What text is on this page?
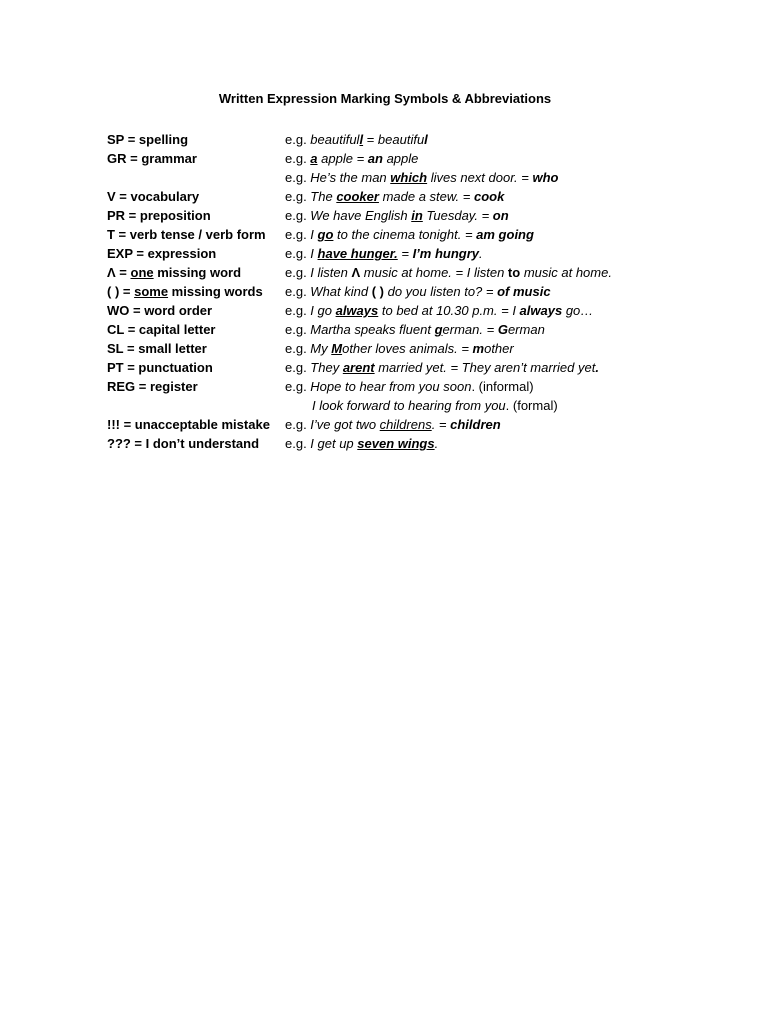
Written Expression Marking Symbols & Abbreviations
SP = spelling	e.g. beautifull = beautiful
GR = grammar	e.g. a apple = an apple
e.g. He’s the man which lives next door. = who
V = vocabulary	e.g. The cooker made a stew. = cook
PR = preposition	e.g. We have English in Tuesday. = on
T = verb tense / verb form e.g. I go to the cinema tonight. = am going
EXP = expression	e.g. I have hunger. = I’m hungry.
Λ = one missing word	e.g. I listen Λ music at home. = I listen to music at home.
( ) = some missing words e.g. What kind ( ) do you listen to? = of music
WO = word order	e.g. I go always to bed at 10.30 p.m. = I always go…
CL = capital letter	e.g. Martha speaks fluent german. = German
SL = small letter	e.g. My Mother loves animals. = mother
PT = punctuation	e.g. They arent married yet. = They aren’t married yet.
REG = register	e.g. Hope to hear from you soon. (informal)
I look forward to hearing from you. (formal)
!!! = unacceptable mistake e.g. I’ve got two childrens. = children
??? = I don’t understand e.g. I get up seven wings.
